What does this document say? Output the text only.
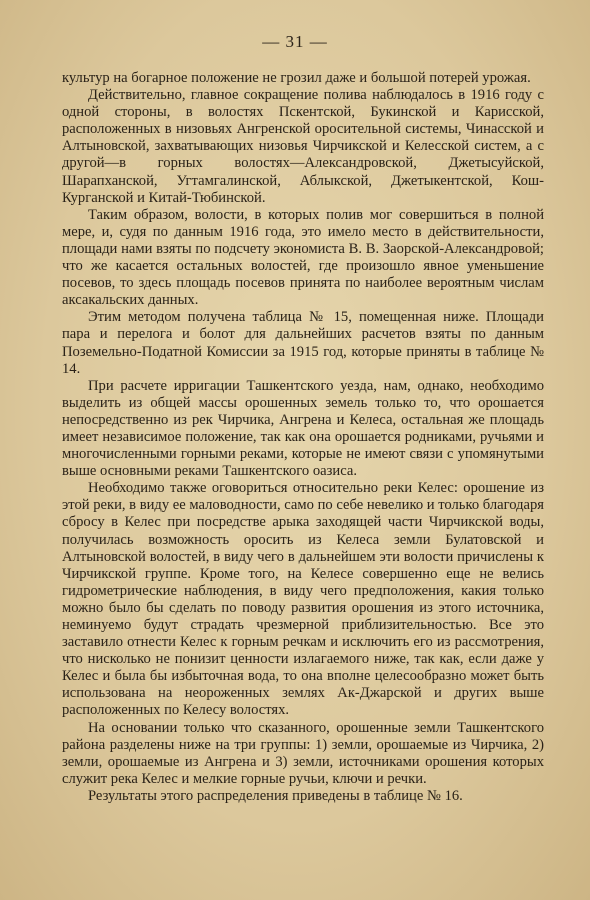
— 31 —

культур на богарное положение не грозил даже и большой потерей урожая.

Действительно, главное сокращение полива наблюдалось в 1916 году с одной стороны, в волостях Пскентской, Букинской и Карисской, расположенных в низовьях Ангренской оросительной системы, Чинасской и Алтыновской, захватывающих низовья Чирчикской и Келесской систем, а с другой—в горных волостях—Александровской, Джетысуйской, Шарапханской, Угтамгалинской, Аблыкской, Джетыкентской, Кош-Курганской и Китай-Тюбинской.

Таким образом, волости, в которых полив мог совершиться в полной мере, и, судя по данным 1916 года, это имело место в действительности, площади нами взяты по подсчету экономиста В. В. Заорской-Александровой; что же касается остальных волостей, где произошло явное уменьшение посевов, то здесь площадь посевов принята по наиболее вероятным числам аксакальских данных.

Этим методом получена таблица № 15, помещенная ниже. Площади пара и перелога и болот для дальнейших расчетов взяты по данным Поземельно-Податной Комиссии за 1915 год, которые приняты в таблице № 14.

При расчете ирригации Ташкентского уезда, нам, однако, необходимо выделить из общей массы орошенных земель только то, что орошается непосредственно из рек Чирчика, Ангрена и Келеса, остальная же площадь имеет независимое положение, так как она орошается родниками, ручьями и многочисленными горными реками, которые не имеют связи с упомянутыми выше основными реками Ташкентского оазиса.

Необходимо также оговориться относительно реки Келес: орошение из этой реки, в виду ее маловодности, само по себе невелико и только благодаря сбросу в Келес при посредстве арыка заходящей части Чирчикской воды, получилась возможность оросить из Келеса земли Булатовской и Алтыновской волостей, в виду чего в дальнейшем эти волости причислены к Чирчикской группе. Кроме того, на Келесе совершенно еще не велись гидрометрические наблюдения, в виду чего предположения, какия только можно было бы сделать по поводу развития орошения из этого источника, неминуемо будут страдать чрезмерной приблизительностью. Все это заставило отнести Келес к горным речкам и исключить его из рассмотрения, что нисколько не понизит ценности излагаемого ниже, так как, если даже у Келес и была бы избыточная вода, то она вполне целесообразно может быть использована на неороженных землях Ак-Джарской и других выше расположенных по Келесу волостях.

На основании только что сказанного, орошенные земли Ташкентского района разделены ниже на три группы: 1) земли, орошаемые из Чирчика, 2) земли, орошаемые из Ангрена и 3) земли, источниками орошения которых служит река Келес и мелкие горные ручьи, ключи и речки.

Результаты этого распределения приведены в таблице № 16.
